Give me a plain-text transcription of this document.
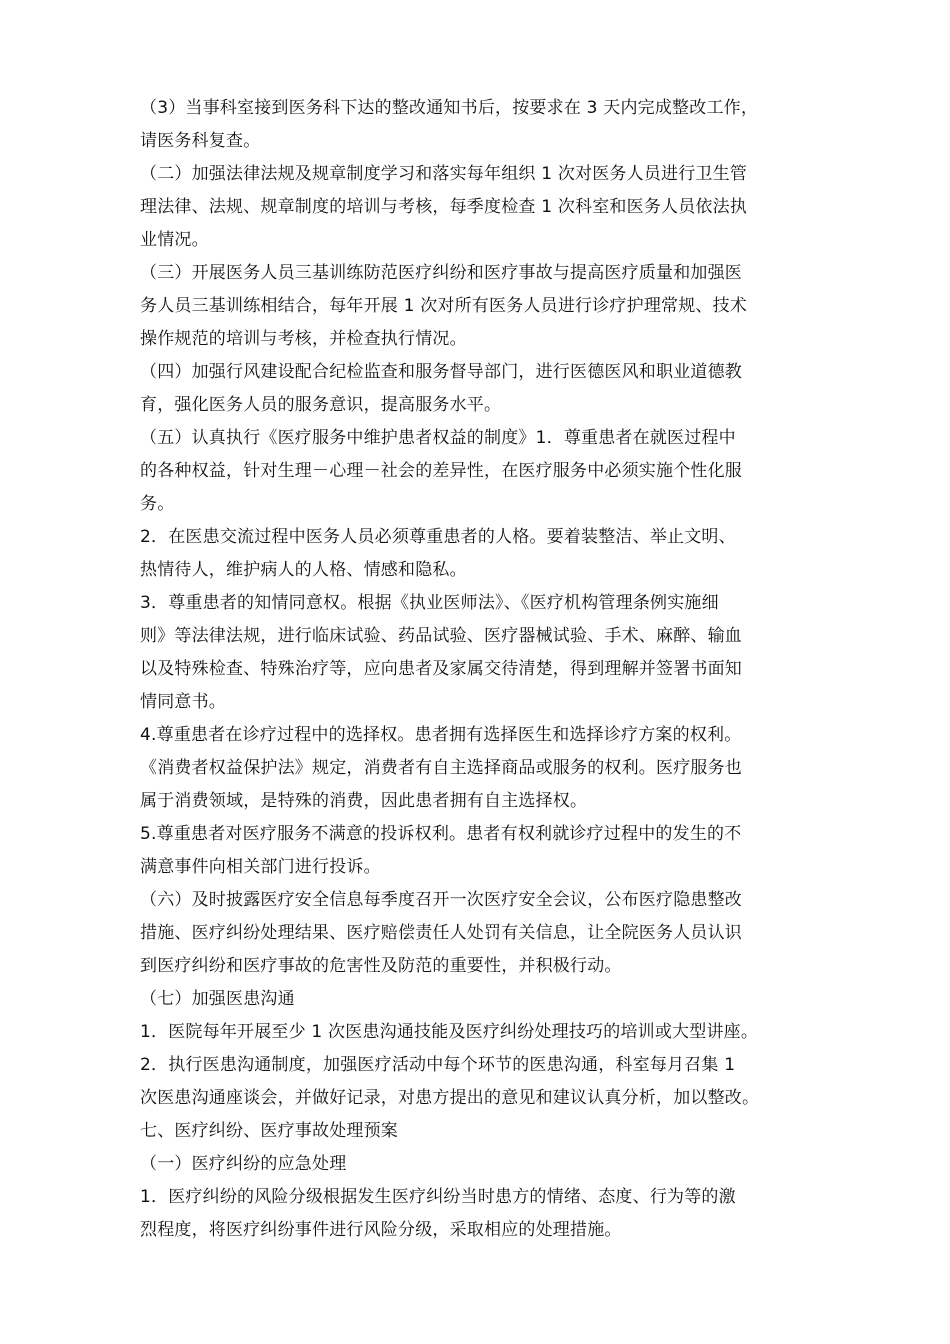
（3）当事科室接到医务科下达的整改通知书后，按要求在 3 天内完成整改工作，
请医务科复查。

（二）加强法律法规及规章制度学习和落实每年组织 1 次对医务人员进行卫生管
理法律、法规、规章制度的培训与考核，每季度检查 1 次科室和医务人员依法执
业情况。

（三）开展医务人员三基训练防范医疗纠纷和医疗事故与提高医疗质量和加强医
务人员三基训练相结合，每年开展 1 次对所有医务人员进行诊疗护理常规、技术
操作规范的培训与考核，并检查执行情况。

（四）加强行风建设配合纪检监查和服务督导部门，进行医德医风和职业道德教
育，强化医务人员的服务意识，提高服务水平。

（五）认真执行《医疗服务中维护患者权益的制度》1．尊重患者在就医过程中
的各种权益，针对生理－心理－社会的差异性，在医疗服务中必须实施个性化服
务。

2．在医患交流过程中医务人员必须尊重患者的人格。要着装整洁、举止文明、
热情待人，维护病人的人格、情感和隐私。

3．尊重患者的知情同意权。根据《执业医师法》、《医疗机构管理条例实施细
则》等法律法规，进行临床试验、药品试验、医疗器械试验、手术、麻醉、输血
以及特殊检查、特殊治疗等，应向患者及家属交待清楚，得到理解并签署书面知
情同意书。

4.尊重患者在诊疗过程中的选择权。患者拥有选择医生和选择诊疗方案的权利。
《消费者权益保护法》规定，消费者有自主选择商品或服务的权利。医疗服务也
属于消费领域，是特殊的消费，因此患者拥有自主选择权。

5.尊重患者对医疗服务不满意的投诉权利。患者有权利就诊疗过程中的发生的不
满意事件向相关部门进行投诉。

（六）及时披露医疗安全信息每季度召开一次医疗安全会议，公布医疗隐患整改
措施、医疗纠纷处理结果、医疗赔偿责任人处罚有关信息，让全院医务人员认识
到医疗纠纷和医疗事故的危害性及防范的重要性，并积极行动。

（七）加强医患沟通

1．医院每年开展至少 1 次医患沟通技能及医疗纠纷处理技巧的培训或大型讲座。

2．执行医患沟通制度，加强医疗活动中每个环节的医患沟通，科室每月召集 1
次医患沟通座谈会，并做好记录，对患方提出的意见和建议认真分析，加以整改。

七、医疗纠纷、医疗事故处理预案

（一）医疗纠纷的应急处理

1．医疗纠纷的风险分级根据发生医疗纠纷当时患方的情绪、态度、行为等的激
烈程度，将医疗纠纷事件进行风险分级，采取相应的处理措施。
